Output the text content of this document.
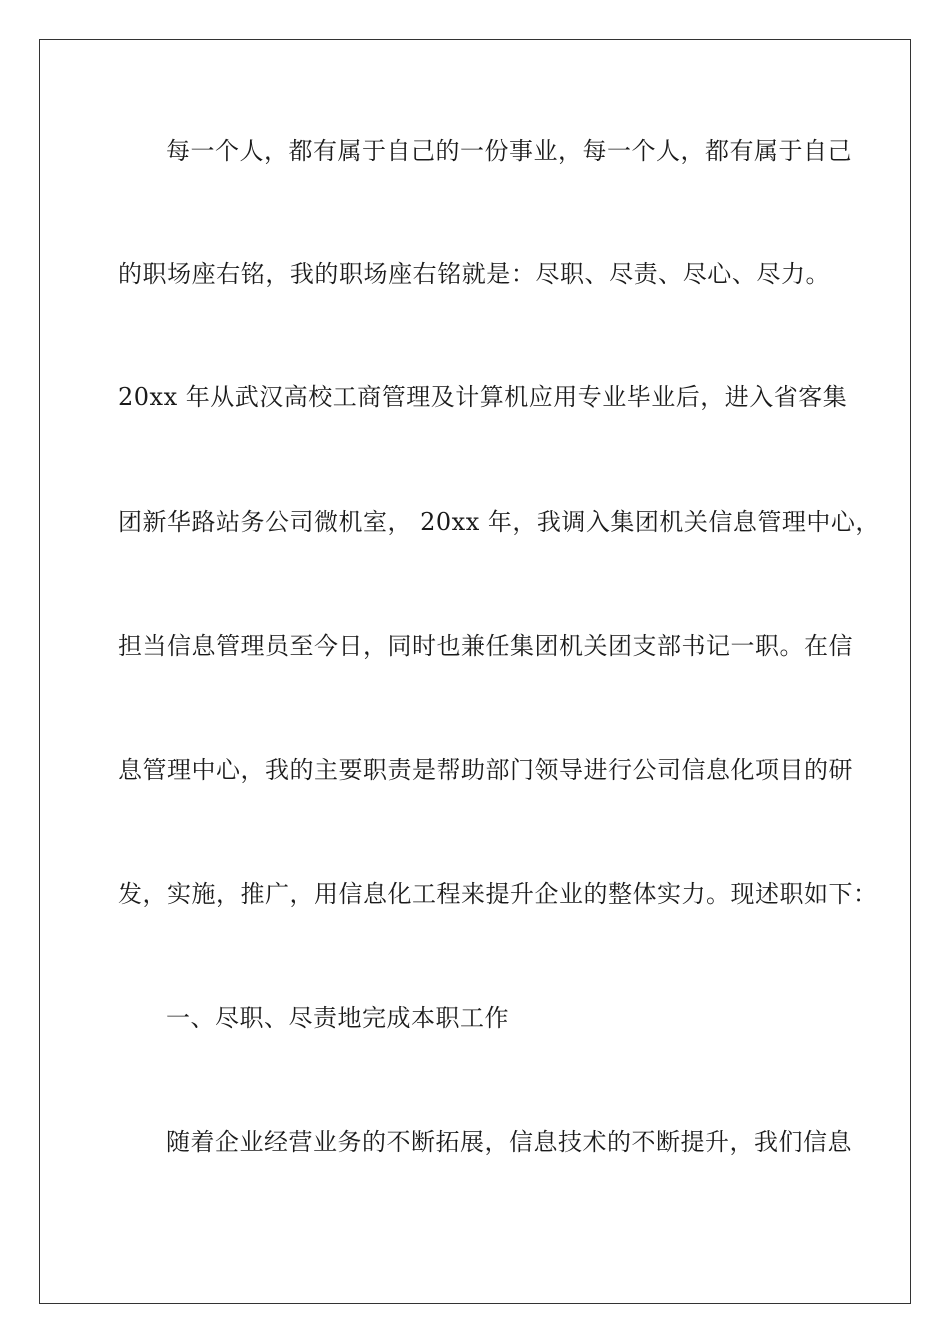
每一个人，都有属于自己的一份事业，每一个人，都有属于自己
的职场座右铭，我的职场座右铭就是：尽职、尽责、尽心、尽力。
20xx 年从武汉高校工商管理及计算机应用专业毕业后，进入省客集
团新华路站务公司微机室， 20xx 年，我调入集团机关信息管理中心，
担当信息管理员至今日，同时也兼任集团机关团支部书记一职。在信
息管理中心，我的主要职责是帮助部门领导进行公司信息化项目的研
发，实施，推广，用信息化工程来提升企业的整体实力。现述职如下：
一、尽职、尽责地完成本职工作
随着企业经营业务的不断拓展，信息技术的不断提升，我们信息
